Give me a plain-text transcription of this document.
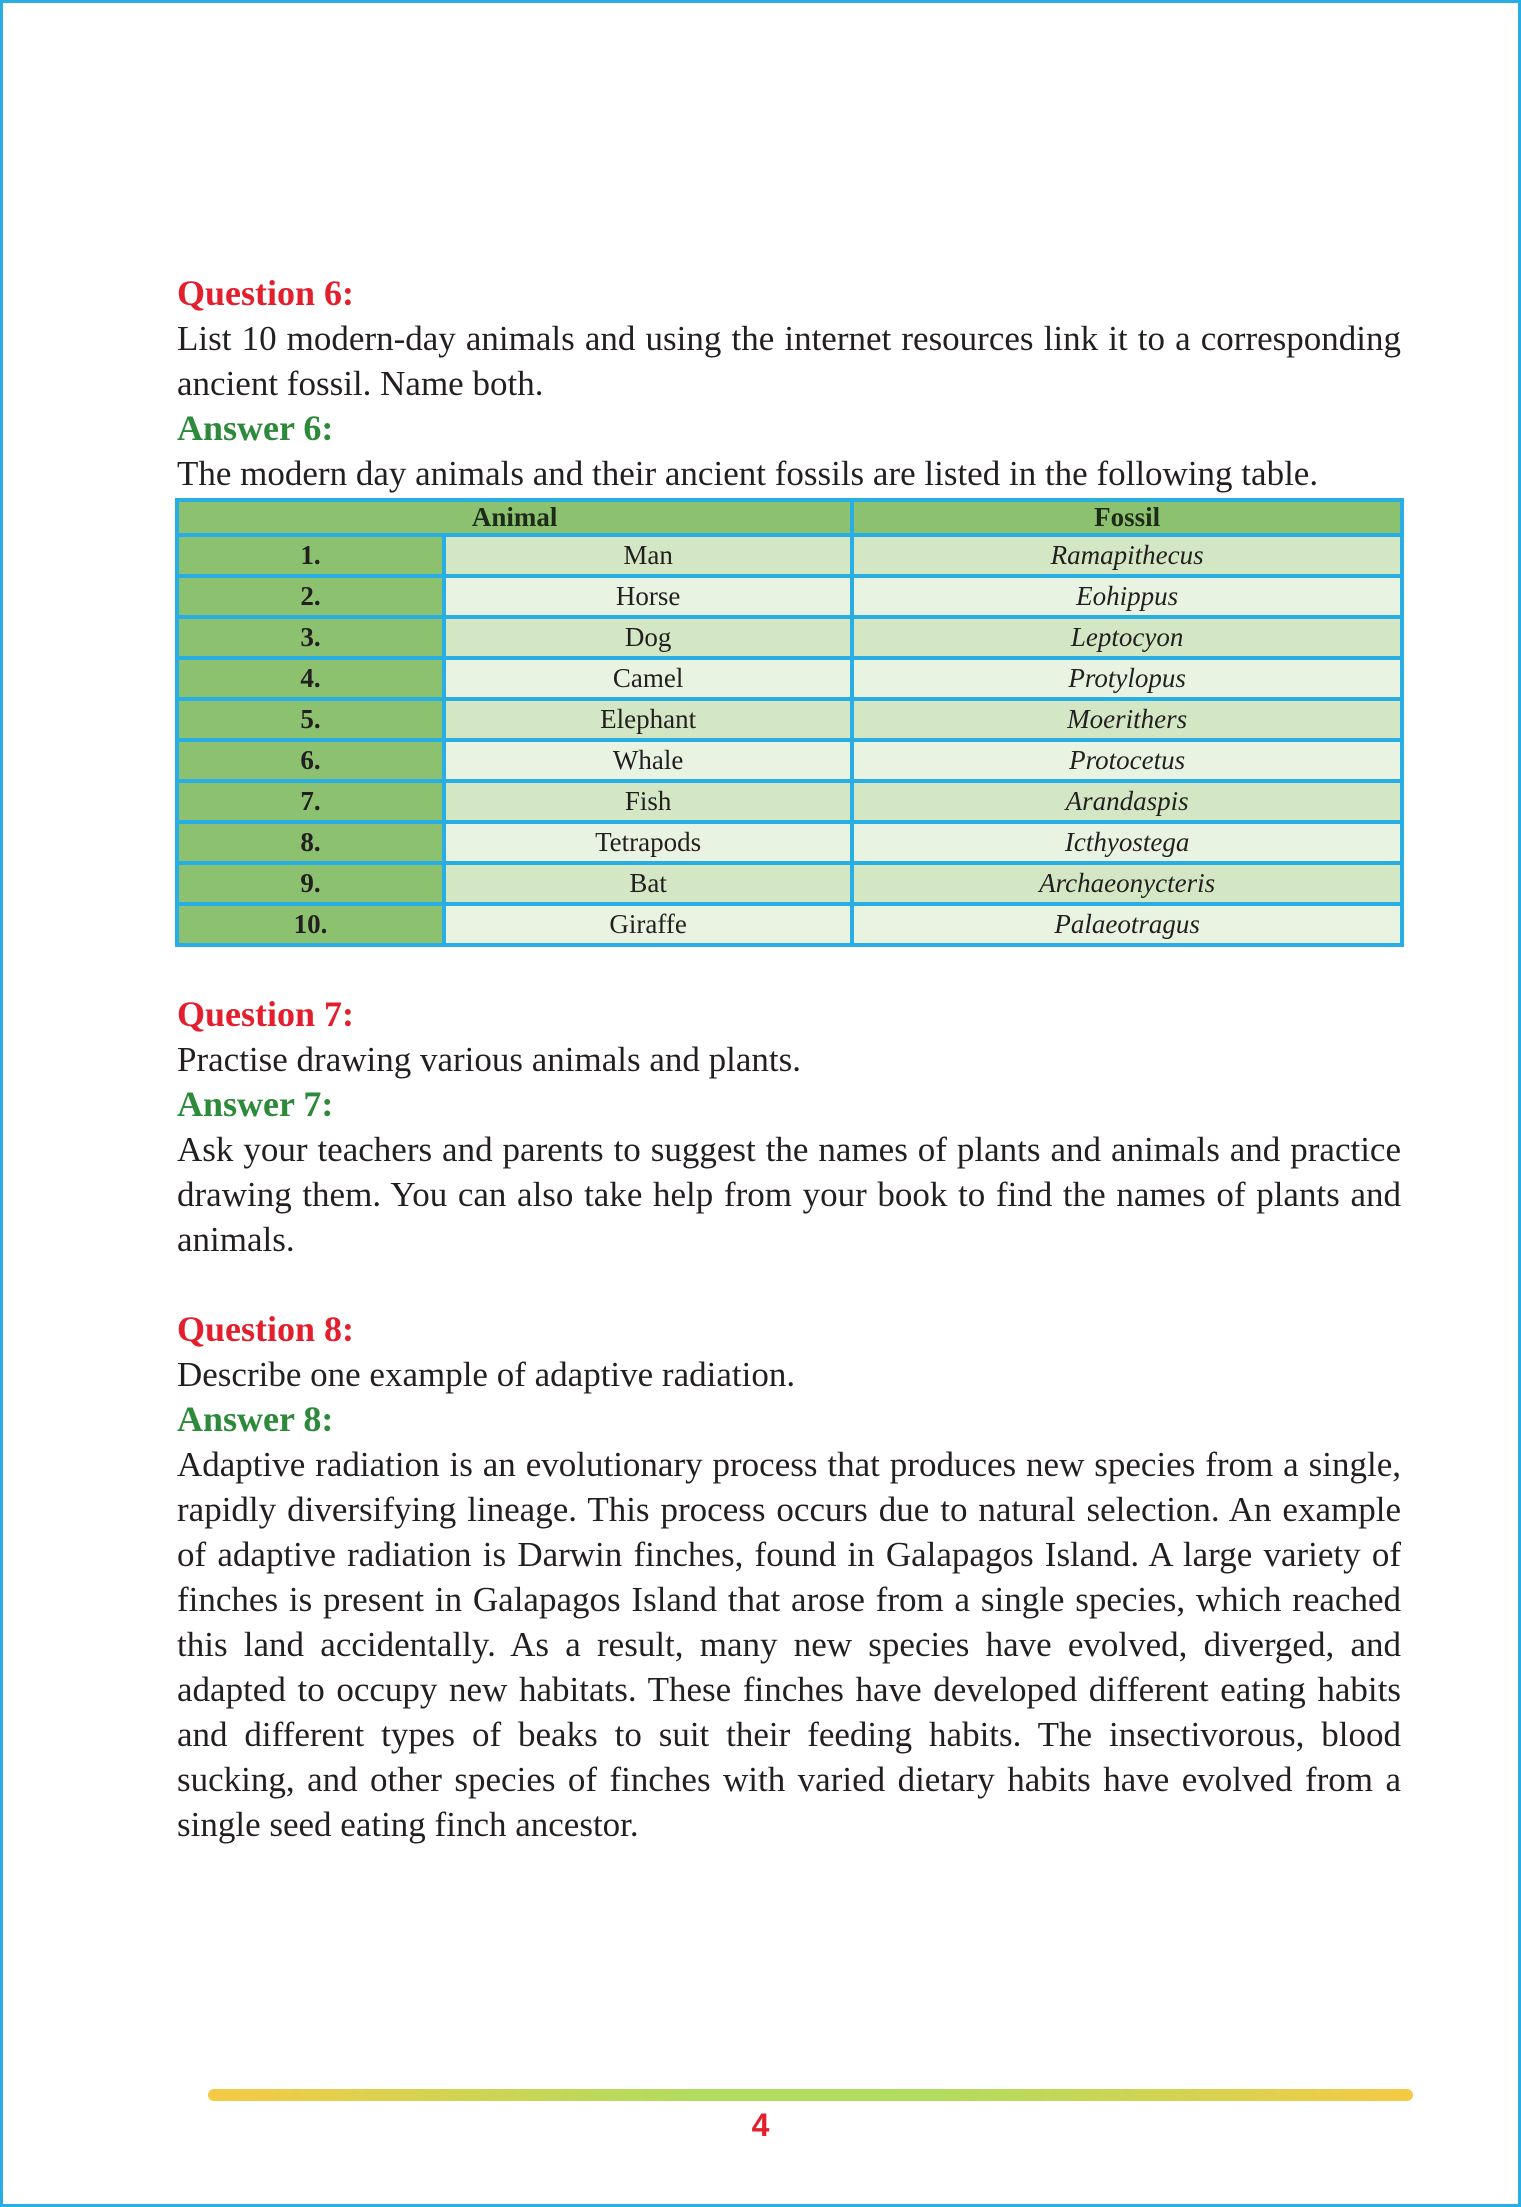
Question 6:

List 10 modern-day animals and using the internet resources link it to a corresponding ancient fossil. Name both.

Answer 6:

The modern day animals and their ancient fossils are listed in the following table.

Animal		Fossil
1.	Man	Ramapithecus
2.	Horse	Eohippus
3.	Dog	Leptocyon
4.	Camel	Protylopus
5.	Elephant	Moerithers
6.	Whale	Protocetus
7.	Fish	Arandaspis
8.	Tetrapods	Icthyostega
9.	Bat	Archaeonycteris
10.	Giraffe	Palaeotragus

Question 7:

Practise drawing various animals and plants.

Answer 7:

Ask your teachers and parents to suggest the names of plants and animals and practice drawing them. You can also take help from your book to find the names of plants and animals.

Question 8:

Describe one example of adaptive radiation.

Answer 8:

Adaptive radiation is an evolutionary process that produces new species from a single, rapidly diversifying lineage. This process occurs due to natural selection. An example of adaptive radiation is Darwin finches, found in Galapagos Island. A large variety of finches is present in Galapagos Island that arose from a single species, which reached this land accidentally. As a result, many new species have evolved, diverged, and adapted to occupy new habitats. These finches have developed different eating habits and different types of beaks to suit their feeding habits. The insectivorous, blood sucking, and other species of finches with varied dietary habits have evolved from a single seed eating finch ancestor.

4
